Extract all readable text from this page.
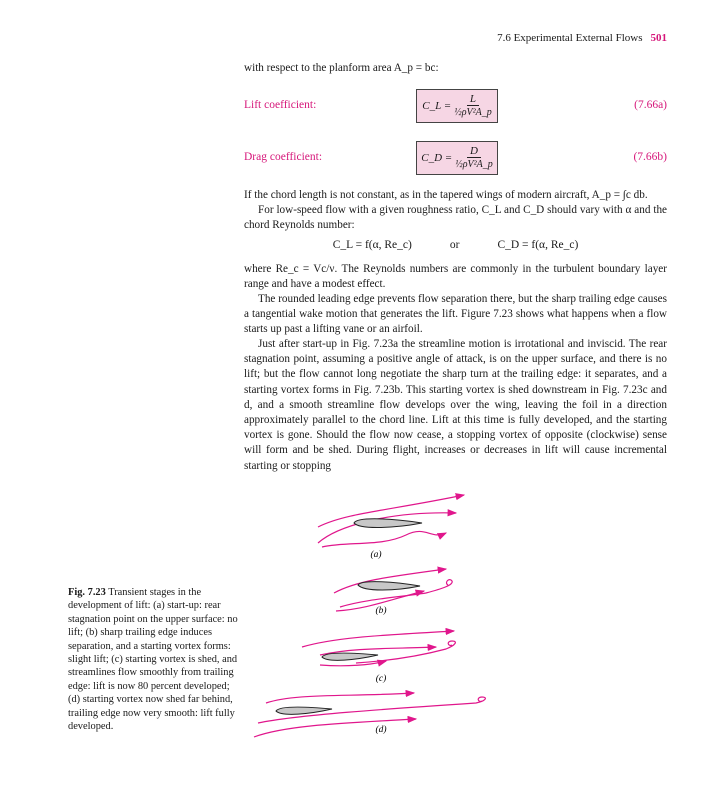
7.6 Experimental External Flows 501

with respect to the planform area A_p = bc:

Lift coefficient:	C_L = $\frac{L}{\text{½ρV²A\_p}}$	(7.66a)
Drag coefficient:	C_D = $\frac{D}{\text{½ρV²A\_p}}$	(7.66b)

If the chord length is not constant, as in the tapered wings of modern aircraft, A_p = ∫c db.

For low-speed flow with a given roughness ratio, C_L and C_D should vary with α and the chord Reynolds number:

C_L = f(α, Re_c)	or	C_D = f(α, Re_c)

where Re_c = Vc/ν. The Reynolds numbers are commonly in the turbulent boundary layer range and have a modest effect.

The rounded leading edge prevents flow separation there, but the sharp trailing edge causes a tangential wake motion that generates the lift. Figure 7.23 shows what happens when a flow starts up past a lifting vane or an airfoil.

Just after start-up in Fig. 7.23a the streamline motion is irrotational and inviscid. The rear stagnation point, assuming a positive angle of attack, is on the upper surface, and there is no lift; but the flow cannot long negotiate the sharp turn at the trailing edge: it separates, and a starting vortex forms in Fig. 7.23b. This starting vortex is shed downstream in Fig. 7.23c and d, and a smooth streamline flow develops over the wing, leaving the foil in a direction approximately parallel to the chord line. Lift at this time is fully developed, and the starting vortex is gone. Should the flow now cease, a stopping vortex of opposite (clockwise) sense will form and be shed. During flight, increases or decreases in lift will cause incremental starting or stopping

Fig. 7.23 Transient stages in the development of lift: (a) start-up: rear stagnation point on the upper surface: no lift; (b) sharp trailing edge induces separation, and a starting vortex forms: slight lift; (c) starting vortex is shed, and streamlines flow smoothly from trailing edge: lift is now 80 percent developed; (d) starting vortex now shed far behind, trailing edge now very smooth: lift fully developed.
(a)
(b)
(c)
(d)
